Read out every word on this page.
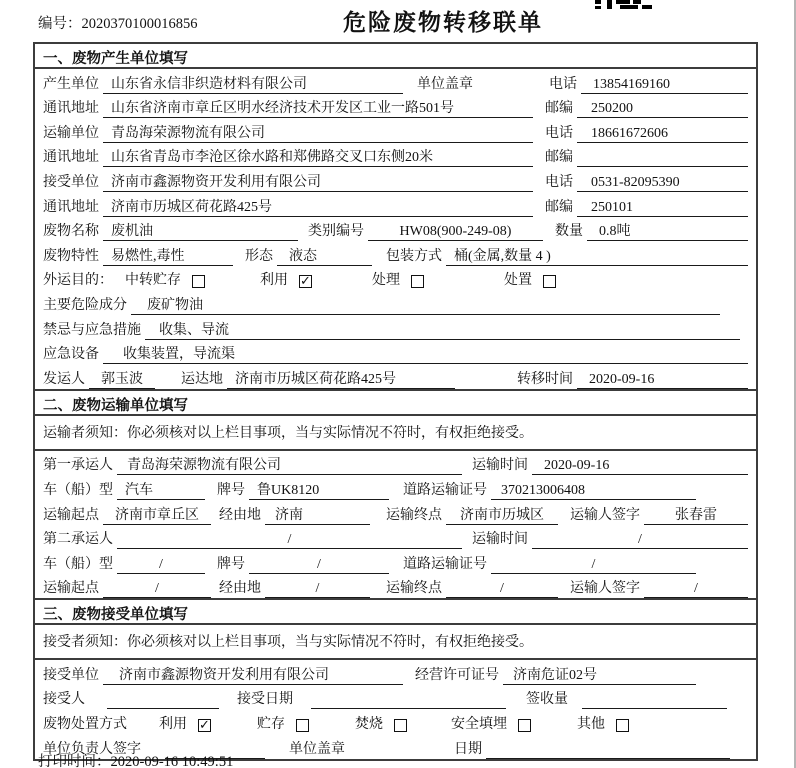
编号：2020370100016856	危险废物转移联单
一、废物产生单位填写
产生单位 山东省永信非织造材料有限公司	单位盖章	电话	13854169160
通讯地址 山东省济南市章丘区明水经济技术开发区工业一路501号	邮编	250200
运输单位 青岛海荣源物流有限公司	电话	18661672606
通讯地址 山东省青岛市李沧区徐水路和郑佛路交叉口东侧20米	邮编
接受单位 济南市鑫源物资开发利用有限公司	电话	0531-82095390
通讯地址 济南市历城区荷花路425号	邮编	250101
废物名称 废机油	类别编号	HW08(900-249-08)	数量	0.8吨
废物特性 易燃性,毒性	形态	液态	包装方式 桶(金属,数量 4 )
外运目的： 中转贮存	利用 ✓	处理	处置
主要危险成分	废矿物油
禁忌与应急措施	收集、导流
应急设备	收集装置，导流渠
发运人	郭玉波	运达地 济南市历城区荷花路425号	转移时间	2020-09-16
二、废物运输单位填写
运输者须知：你必须核对以上栏目事项，当与实际情况不符时，有权拒绝接受。
第一承运人	青岛海荣源物流有限公司	运输时间	2020-09-16
车（船）型 汽车	牌号 鲁UK8120	道路运输证号	370213006408
运输起点	济南市章丘区	经由地	济南	运输终点	济南市历城区	运输人签字	张春雷
第二承运人	/	运输时间	/
车（船）型	/	牌号	/	道路运输证号	/
运输起点	/	经由地	/	运输终点	/	运输人签字	/
三、废物接受单位填写
接受者须知：你必须核对以上栏目事项，当与实际情况不符时，有权拒绝接受。
接受单位	济南市鑫源物资开发利用有限公司	经营许可证号	济南危证02号
接受人	接受日期	签收量
废物处置方式 利用 ✓	贮存	焚烧	安全填埋	其他
单位负责人签字	单位盖章	日期
打印时间：2020-09-16 10:49:51
